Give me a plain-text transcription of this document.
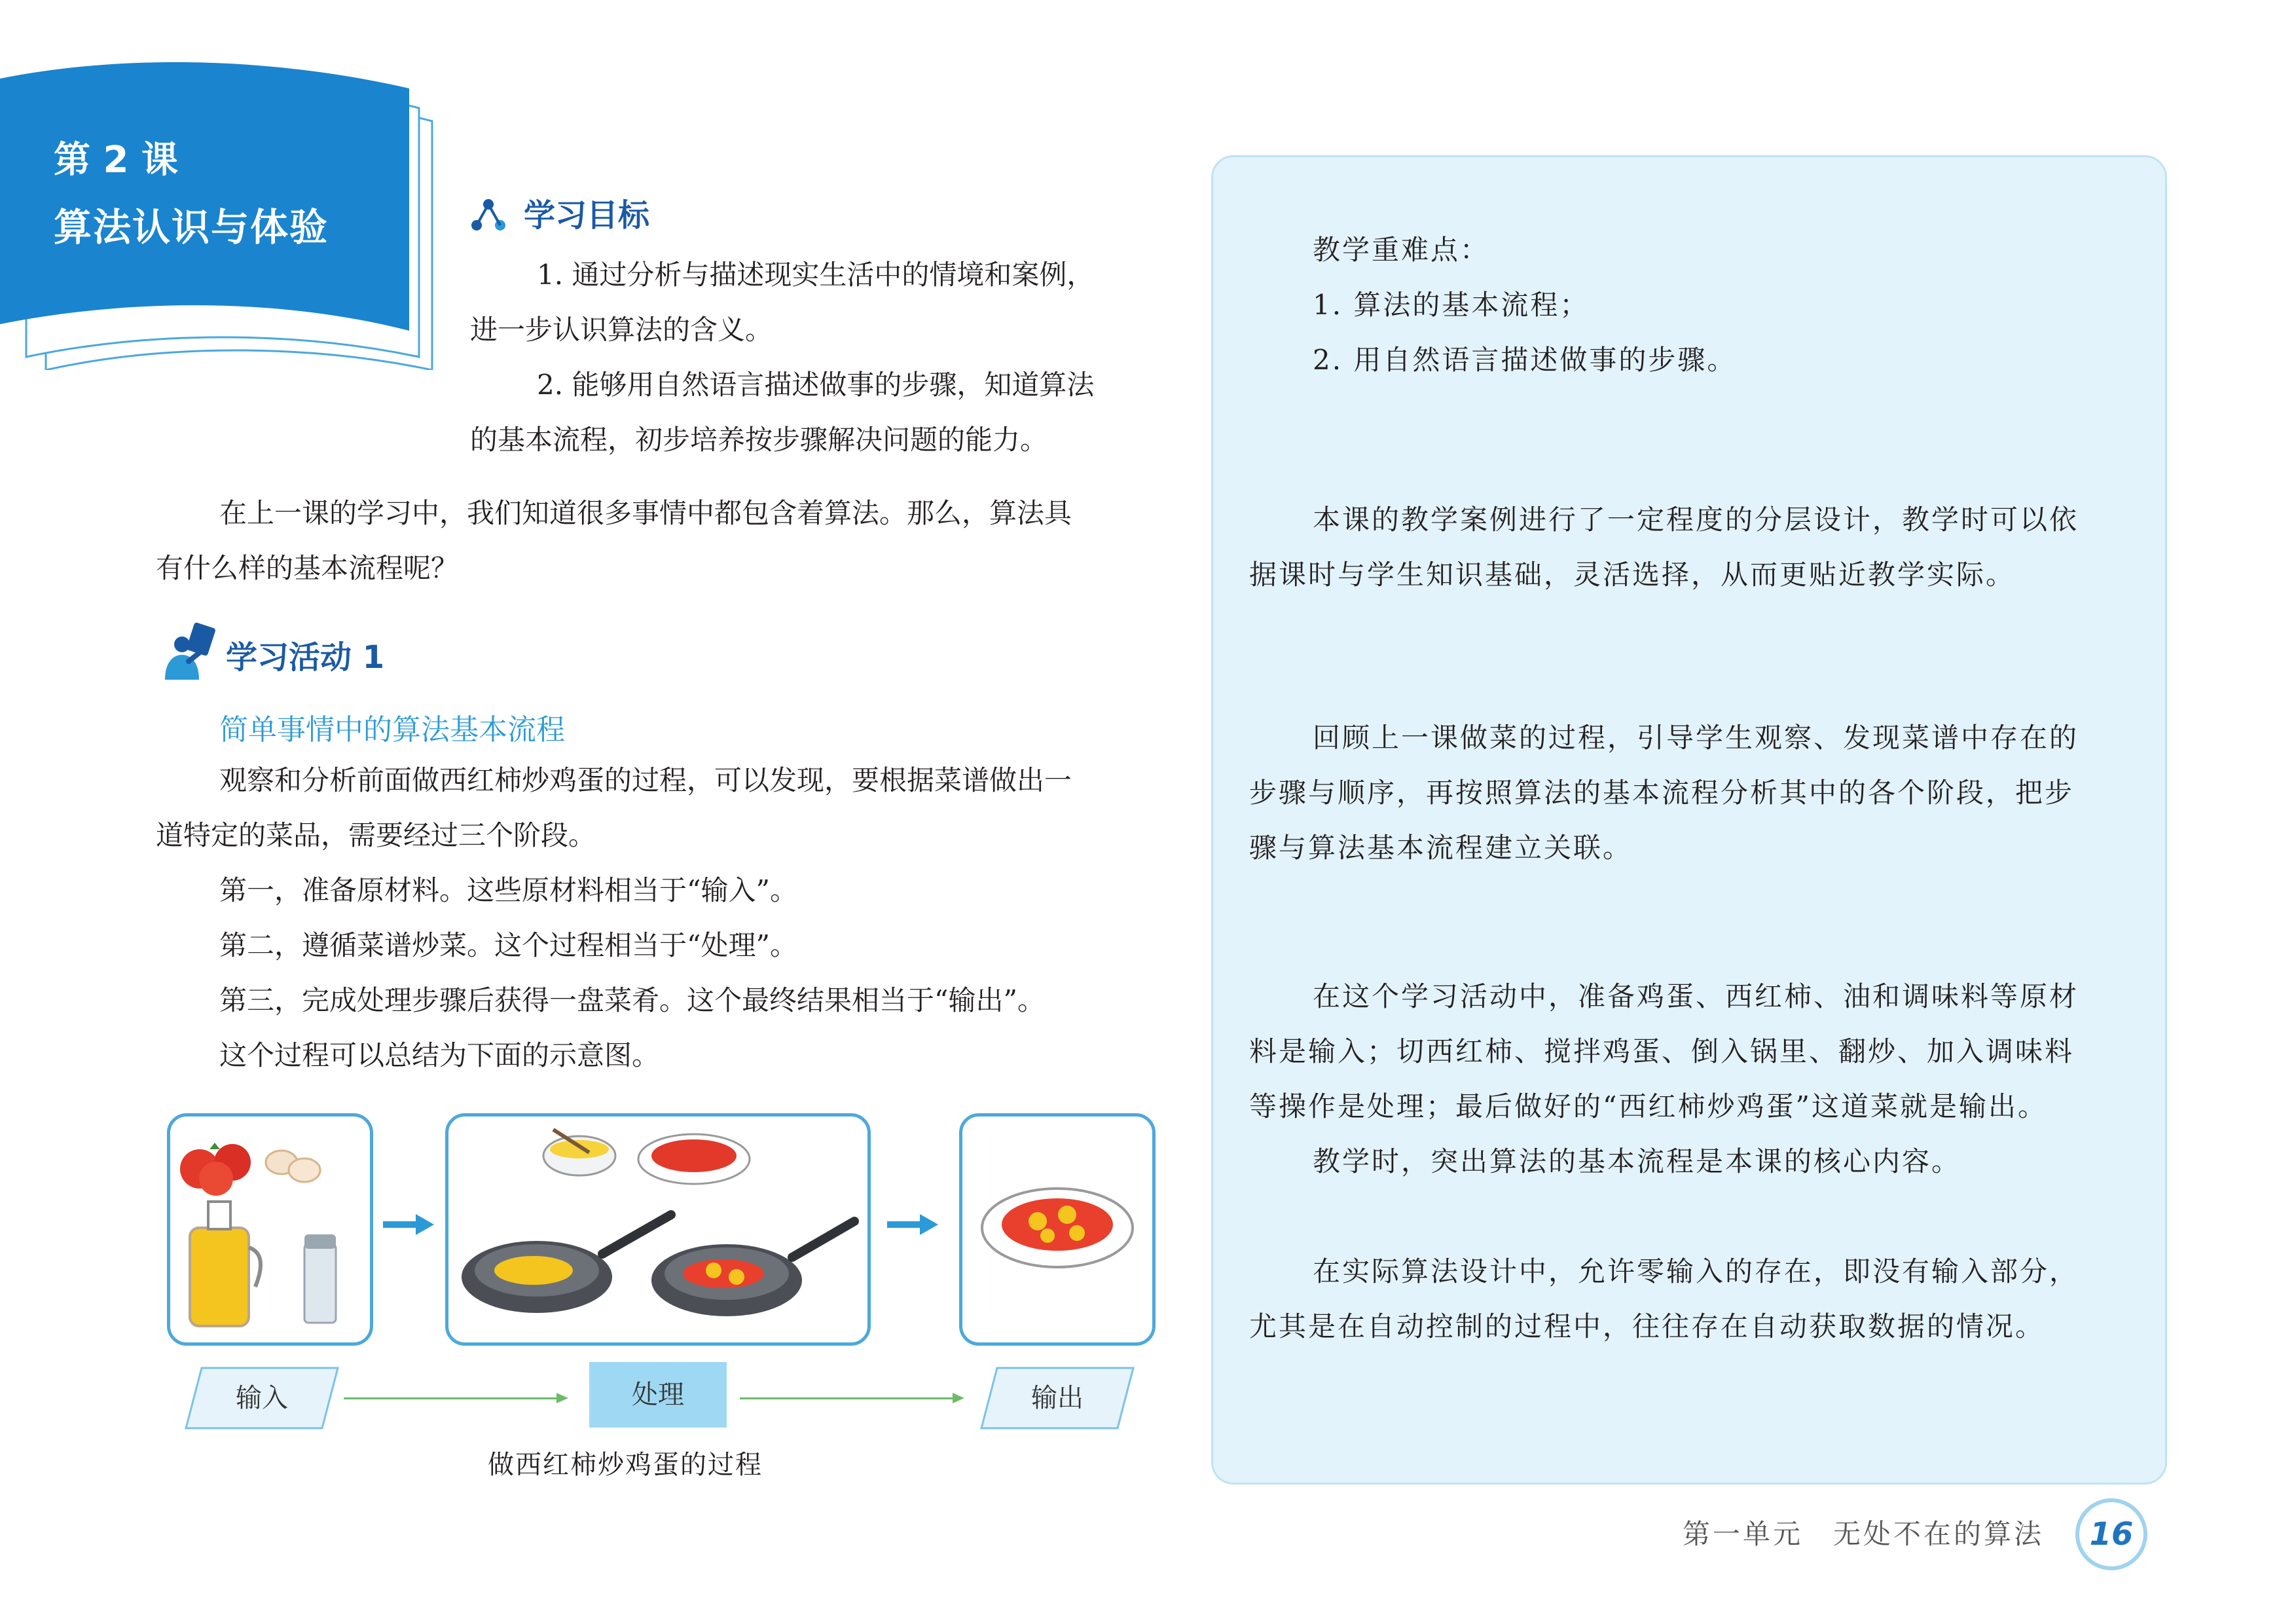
第 2 课
算法认识与体验	学习目标
1. 通过分析与描述现实生活中的情境和案例，
进一步认识算法的含义。
2. 能够用自然语言描述做事的步骤，知道算法
的基本流程，初步培养按步骤解决问题的能力。
在上一课的学习中，我们知道很多事情中都包含着算法。那么，算法具
有什么样的基本流程呢？
学习活动 1
简单事情中的算法基本流程
观察和分析前面做西红柿炒鸡蛋的过程，可以发现，要根据菜谱做出一
道特定的菜品，需要经过三个阶段。
第一，准备原材料。这些原材料相当于“输入”。
第二，遵循菜谱炒菜。这个过程相当于“处理”。
第三，完成处理步骤后获得一盘菜肴。这个最终结果相当于“输出”。
这个过程可以总结为下面的示意图。
输入	处理	输出
做西红柿炒鸡蛋的过程
教学重难点：
1. 算法的基本流程；
2. 用自然语言描述做事的步骤。
本课的教学案例进行了一定程度的分层设计，教学时可以依
据课时与学生知识基础，灵活选择，从而更贴近教学实际。
回顾上一课做菜的过程，引导学生观察、发现菜谱中存在的
步骤与顺序，再按照算法的基本流程分析其中的各个阶段，把步
骤与算法基本流程建立关联。
在这个学习活动中，准备鸡蛋、西红柿、油和调味料等原材
料是输入；切西红柿、搅拌鸡蛋、倒入锅里、翻炒、加入调味料
等操作是处理；最后做好的“西红柿炒鸡蛋”这道菜就是输出。
教学时，突出算法的基本流程是本课的核心内容。
在实际算法设计中，允许零输入的存在，即没有输入部分，
尤其是在自动控制的过程中，往往存在自动获取数据的情况。
第一单元　无处不在的算法	16
